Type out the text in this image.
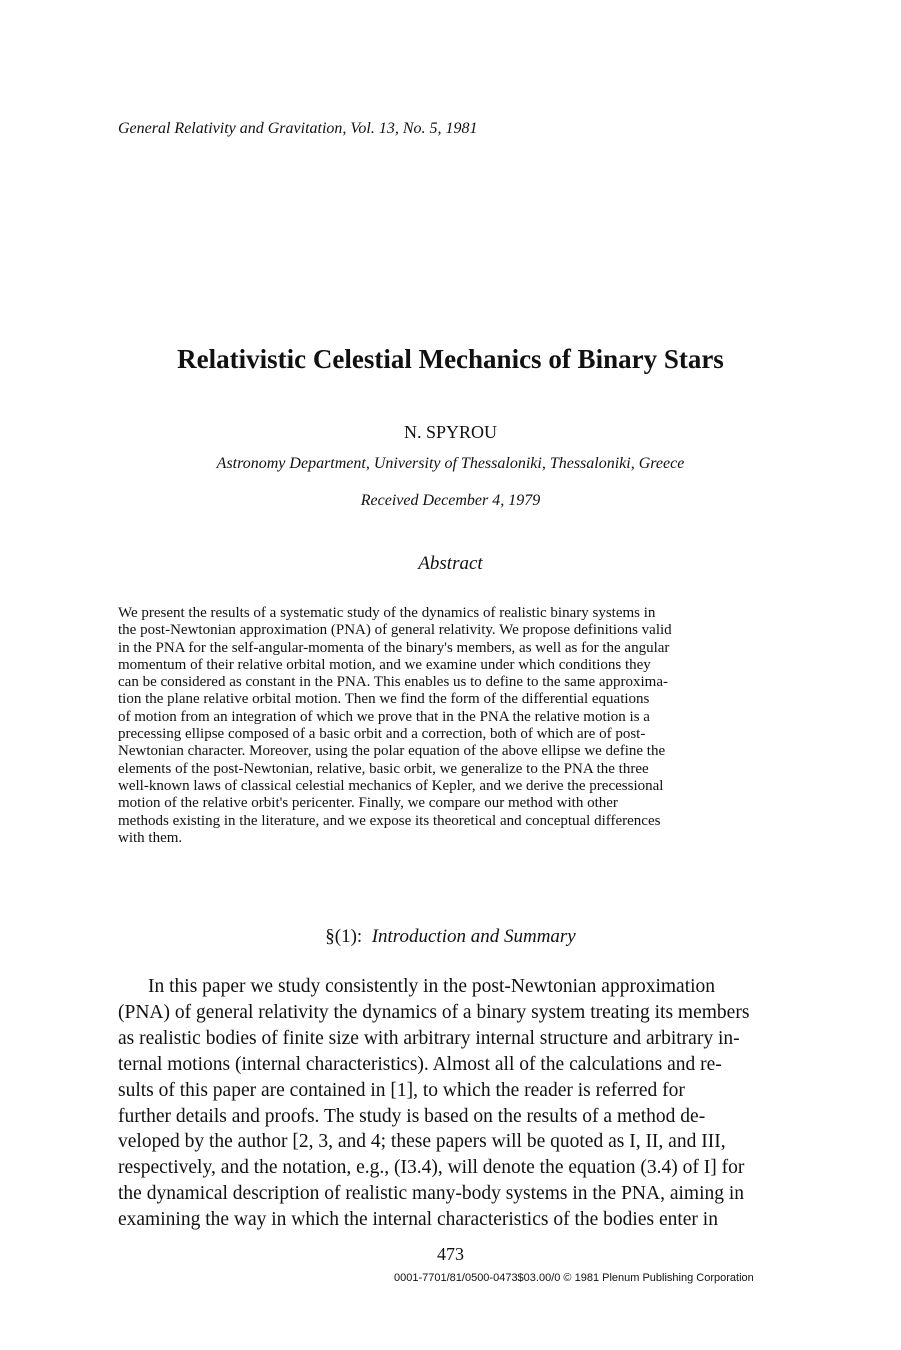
General Relativity and Gravitation, Vol. 13, No. 5, 1981
Relativistic Celestial Mechanics of Binary Stars
N. SPYROU
Astronomy Department, University of Thessaloniki, Thessaloniki, Greece
Received December 4, 1979
Abstract
We present the results of a systematic study of the dynamics of realistic binary systems in
the post-Newtonian approximation (PNA) of general relativity. We propose definitions valid
in the PNA for the self-angular-momenta of the binary's members, as well as for the angular
momentum of their relative orbital motion, and we examine under which conditions they
can be considered as constant in the PNA. This enables us to define to the same approxima-
tion the plane relative orbital motion. Then we find the form of the differential equations
of motion from an integration of which we prove that in the PNA the relative motion is a
precessing ellipse composed of a basic orbit and a correction, both of which are of post-
Newtonian character. Moreover, using the polar equation of the above ellipse we define the
elements of the post-Newtonian, relative, basic orbit, we generalize to the PNA the three
well-known laws of classical celestial mechanics of Kepler, and we derive the precessional
motion of the relative orbit's pericenter. Finally, we compare our method with other
methods existing in the literature, and we expose its theoretical and conceptual differences
with them.
§(1): Introduction and Summary
In this paper we study consistently in the post-Newtonian approximation
(PNA) of general relativity the dynamics of a binary system treating its members
as realistic bodies of finite size with arbitrary internal structure and arbitrary in-
ternal motions (internal characteristics). Almost all of the calculations and re-
sults of this paper are contained in [1], to which the reader is referred for
further details and proofs. The study is based on the results of a method de-
veloped by the author [2, 3, and 4; these papers will be quoted as I, II, and III,
respectively, and the notation, e.g., (I3.4), will denote the equation (3.4) of I] for
the dynamical description of realistic many-body systems in the PNA, aiming in
examining the way in which the internal characteristics of the bodies enter in
473
0001-7701/81/0500-0473$03.00/0 © 1981 Plenum Publishing Corporation
